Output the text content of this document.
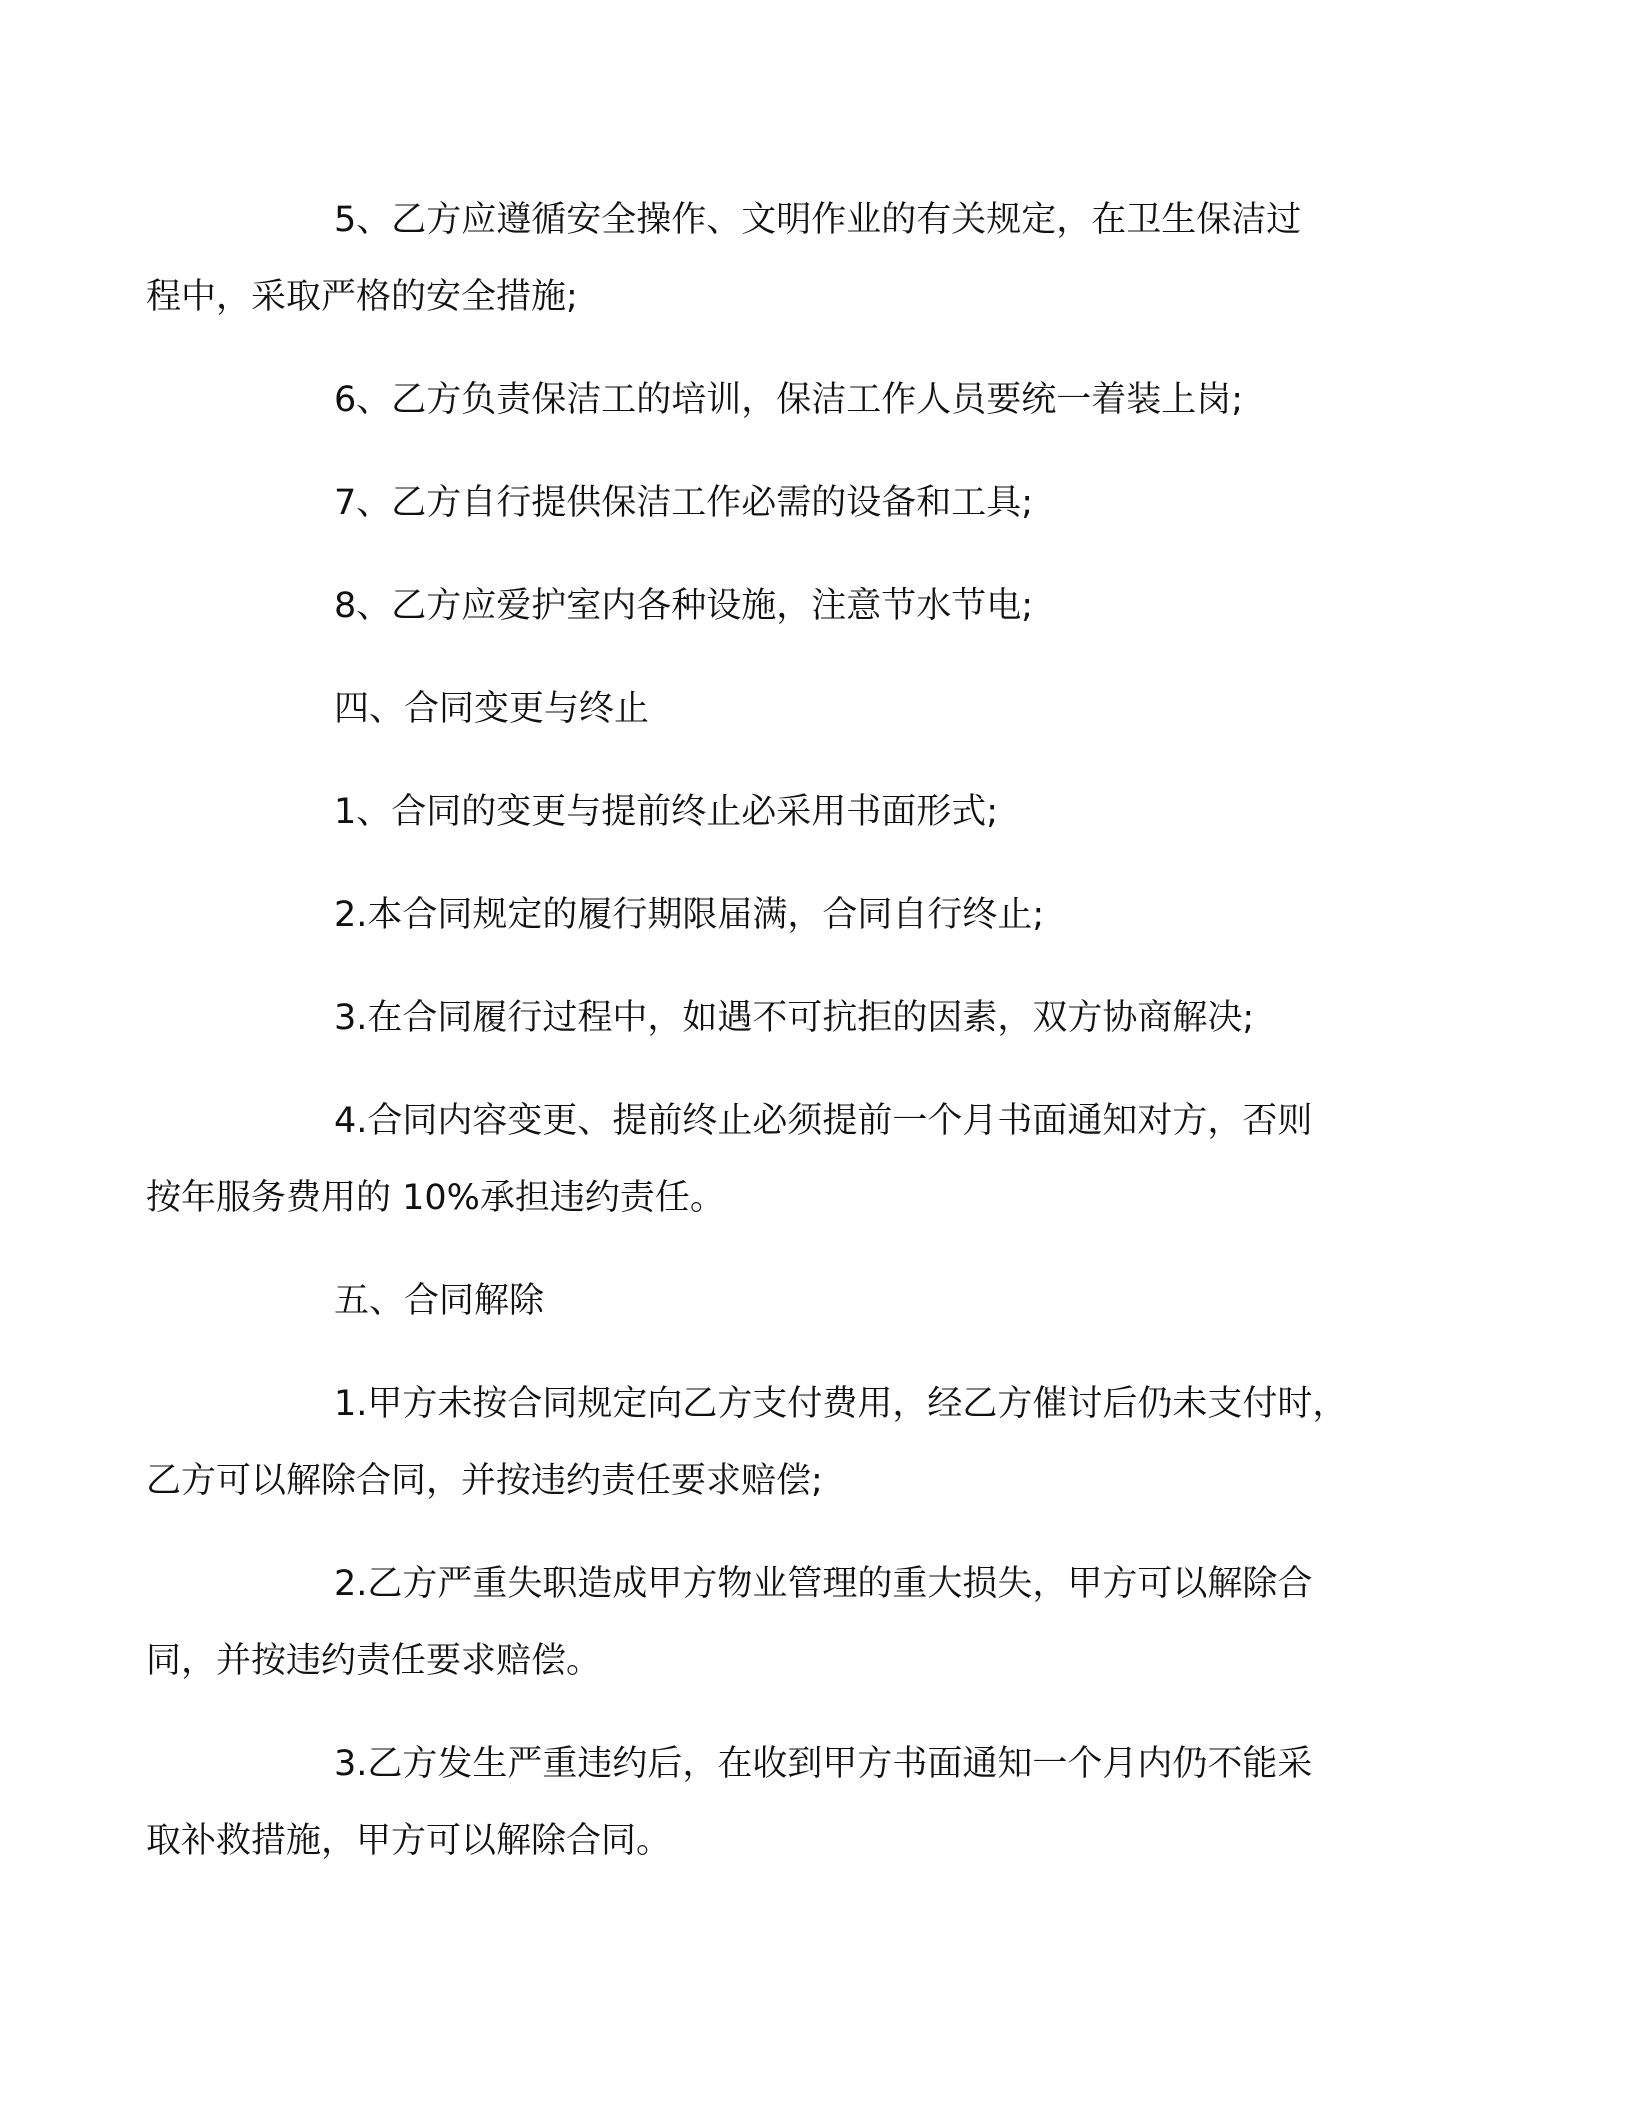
5、乙方应遵循安全操作、文明作业的有关规定，在卫生保洁过
程中，采取严格的安全措施;

6、乙方负责保洁工的培训，保洁工作人员要统一着装上岗;

7、乙方自行提供保洁工作必需的设备和工具;

8、乙方应爱护室内各种设施，注意节水节电;

四、合同变更与终止

1、合同的变更与提前终止必采用书面形式;

2.本合同规定的履行期限届满，合同自行终止;

3.在合同履行过程中，如遇不可抗拒的因素，双方协商解决;

4.合同内容变更、提前终止必须提前一个月书面通知对方，否则
按年服务费用的 10%承担违约责任。

五、合同解除

1.甲方未按合同规定向乙方支付费用，经乙方催讨后仍未支付时，
乙方可以解除合同，并按违约责任要求赔偿;

2.乙方严重失职造成甲方物业管理的重大损失，甲方可以解除合
同，并按违约责任要求赔偿。

3.乙方发生严重违约后，在收到甲方书面通知一个月内仍不能采
取补救措施，甲方可以解除合同。
